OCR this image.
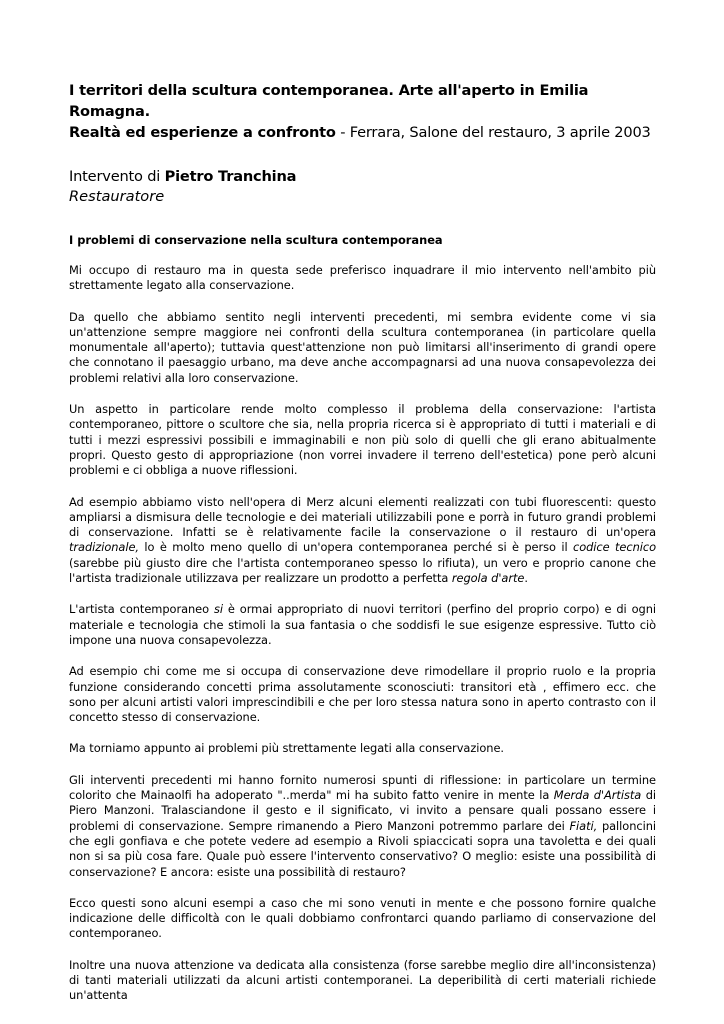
I territori della scultura contemporanea. Arte all'aperto in Emilia Romagna.
Realtà ed esperienze a confronto - Ferrara, Salone del restauro, 3 aprile 2003
Intervento di Pietro Tranchina
Restauratore
I problemi di conservazione nella scultura contemporanea

Mi occupo di restauro ma in questa sede preferisco inquadrare il mio intervento nell'ambito più strettamente legato alla conservazione.

Da quello che abbiamo sentito negli interventi precedenti, mi sembra evidente come vi sia un'attenzione sempre maggiore nei confronti della scultura contemporanea (in particolare quella monumentale all'aperto); tuttavia quest'attenzione non può limitarsi all'inserimento di grandi opere che connotano il paesaggio urbano, ma deve anche accompagnarsi ad una nuova consapevolezza dei problemi relativi alla loro conservazione.

Un aspetto in particolare rende molto complesso il problema della conservazione: l'artista contemporaneo, pittore o scultore che sia, nella propria ricerca si è appropriato di tutti i materiali e di tutti i mezzi espressivi possibili e immaginabili e non più solo di quelli che gli erano abitualmente propri. Questo gesto di appropriazione (non vorrei invadere il terreno dell'estetica) pone però alcuni problemi e ci obbliga a nuove riflessioni.

Ad esempio abbiamo visto nell'opera di Merz alcuni elementi realizzati con tubi fluorescenti: questo ampliarsi a dismisura delle tecnologie e dei materiali utilizzabili pone e porrà in futuro grandi problemi di conservazione. Infatti se è relativamente facile la conservazione o il restauro di un'opera tradizionale, lo è molto meno quello di un'opera contemporanea perché si è perso il codice tecnico (sarebbe più giusto dire che l'artista contemporaneo spesso lo rifiuta), un vero e proprio canone che l'artista tradizionale utilizzava per realizzare un prodotto a perfetta regola d'arte.

L'artista contemporaneo si è ormai appropriato di nuovi territori (perfino del proprio corpo) e di ogni materiale e tecnologia che stimoli la sua fantasia o che soddisfi le sue esigenze espressive. Tutto ciò impone una nuova consapevolezza.

Ad esempio chi come me si occupa di conservazione deve rimodellare il proprio ruolo e la propria funzione considerando concetti prima assolutamente sconosciuti: transitori età , effimero ecc. che sono per alcuni artisti valori imprescindibili e che per loro stessa natura sono in aperto contrasto con il concetto stesso di conservazione.

Ma torniamo appunto ai problemi più strettamente legati alla conservazione.

Gli interventi precedenti mi hanno fornito numerosi spunti di riflessione: in particolare un termine colorito che Mainaolfi ha adoperato "..merda" mi ha subito fatto venire in mente la Merda d'Artista di Piero Manzoni. Tralasciandone il gesto e il significato, vi invito a pensare quali possano essere i problemi di conservazione. Sempre rimanendo a Piero Manzoni potremmo parlare dei Fiati, palloncini che egli gonfiava e che potete vedere ad esempio a Rivoli spiaccicati sopra una tavoletta e dei quali non si sa più cosa fare. Quale può essere l'intervento conservativo? O meglio: esiste una possibilità di conservazione? E ancora: esiste una possibilità di restauro?

Ecco questi sono alcuni esempi a caso che mi sono venuti in mente e che possono fornire qualche indicazione delle difficoltà con le quali dobbiamo confrontarci quando parliamo di conservazione del contemporaneo.

Inoltre una nuova attenzione va dedicata alla consistenza (forse sarebbe meglio dire all'inconsistenza) di tanti materiali utilizzati da alcuni artisti contemporanei. La deperibilità di certi materiali richiede un'attenta
